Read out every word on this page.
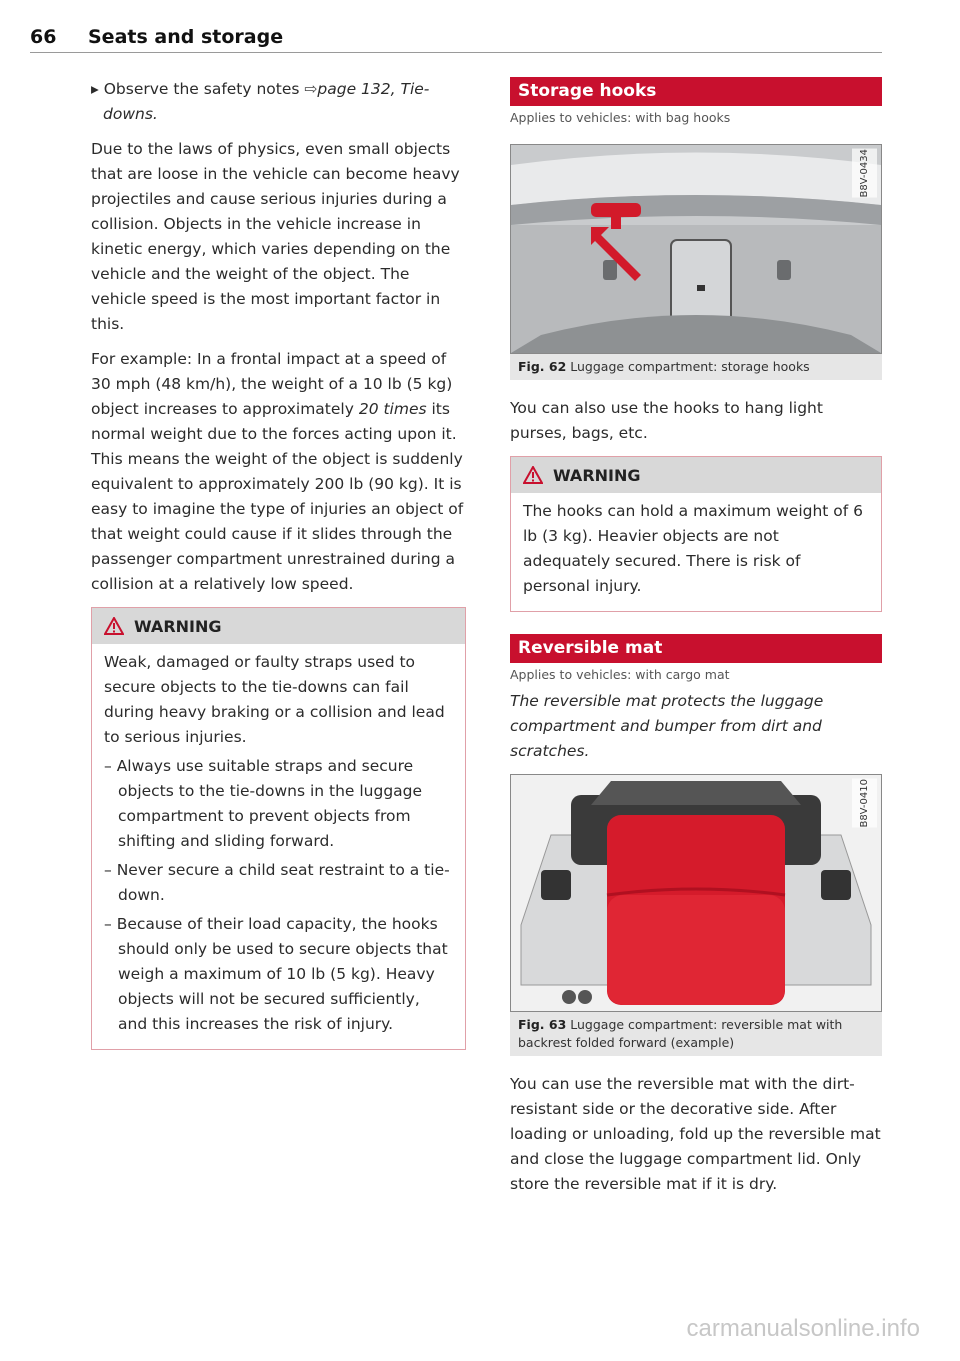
66 Seats and storage

▸ Observe the safety notes ⇨page 132, Tie-downs.

Due to the laws of physics, even small objects that are loose in the vehicle can become heavy projectiles and cause serious injuries during a collision. Objects in the vehicle increase in kinetic energy, which varies depending on the vehicle and the weight of the object. The vehicle speed is the most important factor in this.

For example: In a frontal impact at a speed of 30 mph (48 km/h), the weight of a 10 lb (5 kg) object increases to approximately 20 times its normal weight due to the forces acting upon it. This means the weight of the object is suddenly equivalent to approximately 200 lb (90 kg). It is easy to imagine the type of injuries an object of that weight could cause if it slides through the passenger compartment unrestrained during a collision at a relatively low speed.

WARNING

Weak, damaged or faulty straps used to secure objects to the tie-downs can fail during heavy braking or a collision and lead to serious injuries.

– Always use suitable straps and secure objects to the tie-downs in the luggage compartment to prevent objects from shifting and sliding forward.

– Never secure a child seat restraint to a tie-down.

– Because of their load capacity, the hooks should only be used to secure objects that weigh a maximum of 10 lb (5 kg). Heavy objects will not be secured sufficiently, and this increases the risk of injury.

Storage hooks
Applies to vehicles: with bag hooks
B8V-0434
Fig. 62 Luggage compartment: storage hooks

You can also use the hooks to hang light purses, bags, etc.

WARNING

The hooks can hold a maximum weight of 6 lb (3 kg). Heavier objects are not adequately secured. There is risk of personal injury.

Reversible mat
Applies to vehicles: with cargo mat

The reversible mat protects the luggage compartment and bumper from dirt and scratches.

B8V-0410
Fig. 63 Luggage compartment: reversible mat with backrest folded forward (example)

You can use the reversible mat with the dirt-resistant side or the decorative side. After loading or unloading, fold up the reversible mat and close the luggage compartment lid. Only store the reversible mat if it is dry.

carmanualsonline.info
